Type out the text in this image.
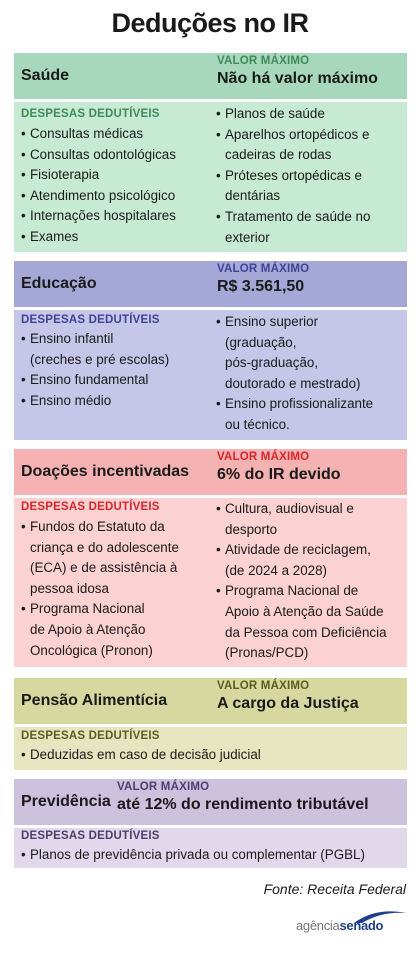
Deduções no IR
Saúde
VALOR MÁXIMO
Não há valor máximo
DESPESAS DEDUTÍVEIS
• Consultas médicas
• Consultas odontológicas
• Fisioterapia
• Atendimento psicológico
• Internações hospitalares
• Exames
• Planos de saúde
• Aparelhos ortopédicos e
cadeiras de rodas
• Próteses ortopédicas e
dentárias
• Tratamento de saúde no
exterior
Educação
VALOR MÁXIMO
R$ 3.561,50
DESPESAS DEDUTÍVEIS
• Ensino infantil
(creches e pré escolas)
• Ensino fundamental
• Ensino médio
• Ensino superior
(graduação,
pós-graduação,
doutorado e mestrado)
• Ensino profissionalizante
ou técnico.
Doações incentivadas
VALOR MÁXIMO
6% do IR devido
DESPESAS DEDUTÍVEIS
• Fundos do Estatuto da
criança e do adolescente
(ECA) e de assistência à
pessoa idosa
• Programa Nacional
de Apoio à Atenção
Oncológica (Pronon)
• Cultura, audiovisual e
desporto
• Atividade de reciclagem,
(de 2024 a 2028)
• Programa Nacional de
Apoio à Atenção da Saúde
da Pessoa com Deficiência
(Pronas/PCD)
Pensão Alimentícia
VALOR MÁXIMO
A cargo da Justiça
DESPESAS DEDUTÍVEIS
• Deduzidas em caso de decisão judicial
Previdência
VALOR MÁXIMO
até 12% do rendimento tributável
DESPESAS DEDUTÍVEIS
• Planos de previdência privada ou complementar (PGBL)
Fonte: Receita Federal
agênciasenado
